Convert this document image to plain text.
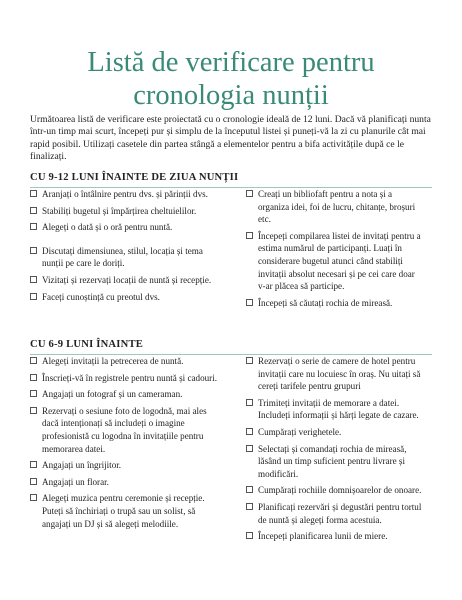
Listă de verificare pentru
cronologia nunții

Următoarea listă de verificare este proiectată cu o cronologie ideală de 12 luni. Dacă vă planificați nunta într-un timp mai scurt, începeți pur și simplu de la începutul listei și puneți-vă la zi cu planurile cât mai rapid posibil. Utilizați casetele din partea stângă a elementelor pentru a bifa activitățile după ce le finalizați.

CU 9-12 LUNI ÎNAINTE DE ZIUA NUNȚII
Aranjați o întâlnire pentru dvs. și părinții dvs.
Stabiliți bugetul și împărțirea cheltuielilor.
Alegeți o dată și o oră pentru nuntă.
Discutați dimensiunea, stilul, locația și tema nunții pe care le doriți.
Vizitați și rezervați locații de nuntă și recepție.
Faceți cunoștință cu preotul dvs.
Creați un bibliofaft pentru a nota și a organiza idei, foi de lucru, chitanțe, broșuri etc.
Începeți compilarea listei de invitați pentru a estima numărul de participanți. Luați în considerare bugetul atunci când stabiliți invitații absolut necesari și pe cei care doar v-ar plăcea să participe.
Începeți să căutați rochia de mireasă.
CU 6-9 LUNI ÎNAINTE
Alegeți invitații la petrecerea de nuntă.
Înscrieți-vă în registrele pentru nuntă și cadouri.
Angajați un fotograf și un cameraman.
Rezervați o sesiune foto de logodnă, mai ales dacă intenționați să includeți o imagine profesionistă cu logodna în invitațiile pentru memorarea datei.
Angajați un îngrijitor.
Angajați un florar.
Alegeți muzica pentru ceremonie și recepție. Puteți să închiriați o trupă sau un solist, să angajați un DJ și să alegeți melodiile.
Rezervați o serie de camere de hotel pentru invitații care nu locuiesc în oraș. Nu uitați să cereți tarifele pentru grupuri
Trimiteți invitații de memorare a datei. Includeți informații și hărți legate de cazare.
Cumpărați verighetele.
Selectați și comandați rochia de mireasă, lăsând un timp suficient pentru livrare și modificări.
Cumpărați rochiile domnișoarelor de onoare.
Planificați rezervări și degustări pentru tortul de nuntă și alegeți forma acestuia.
Începeți planificarea lunii de miere.
